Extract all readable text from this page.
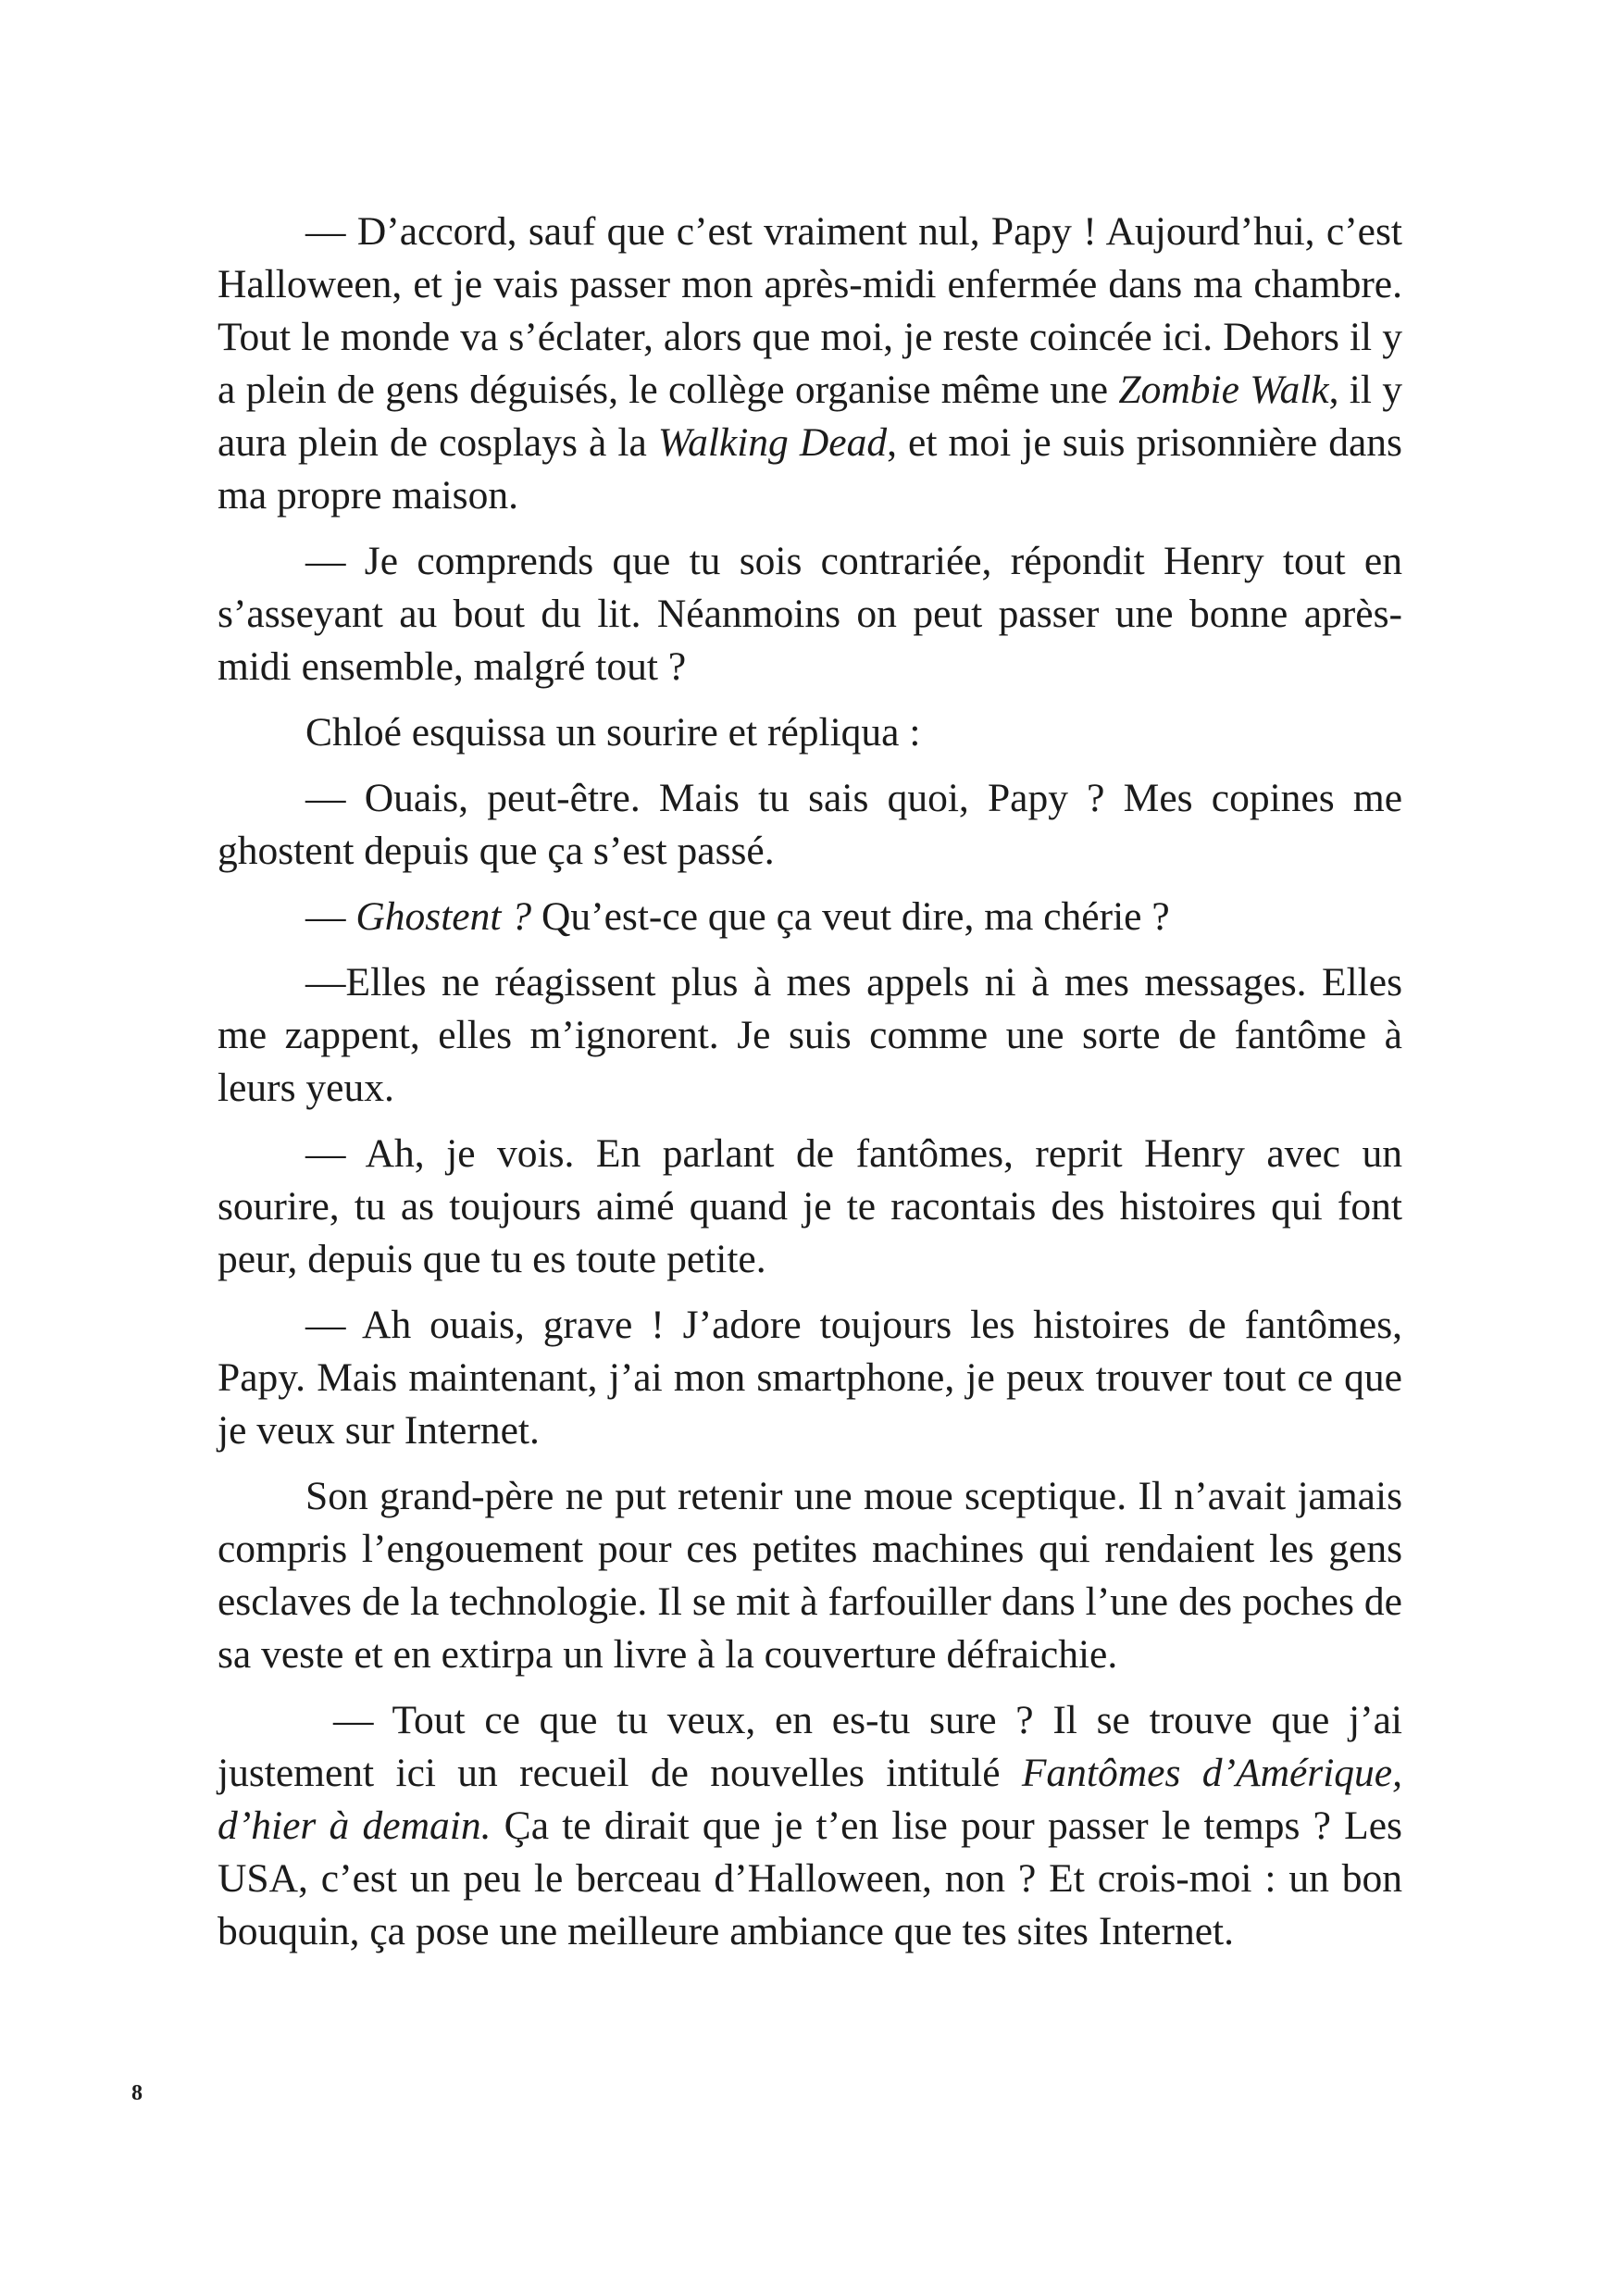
— D’accord, sauf que c’est vraiment nul, Papy ! Aujourd’hui, c’est Halloween, et je vais passer mon après-midi enfermée dans ma chambre. Tout le monde va s’éclater, alors que moi, je reste coincée ici. Dehors il y a plein de gens déguisés, le collège organise même une Zombie Walk, il y aura plein de cosplays à la Walking Dead, et moi je suis prisonnière dans ma propre maison.

— Je comprends que tu sois contrariée, répondit Henry tout en s’asseyant au bout du lit. Néanmoins on peut passer une bonne après-midi ensemble, malgré tout ?

Chloé esquissa un sourire et répliqua :

— Ouais, peut-être. Mais tu sais quoi, Papy ? Mes copines me ghostent depuis que ça s’est passé.

— Ghostent ? Qu’est-ce que ça veut dire, ma chérie ?

—Elles ne réagissent plus à mes appels ni à mes messages. Elles me zappent, elles m’ignorent. Je suis comme une sorte de fantôme à leurs yeux.

— Ah, je vois. En parlant de fantômes, reprit Henry avec un sourire, tu as toujours aimé quand je te racontais des histoires qui font peur, depuis que tu es toute petite.

— Ah ouais, grave ! J’adore toujours les histoires de fantômes, Papy. Mais maintenant, j’ai mon smartphone, je peux trouver tout ce que je veux sur Internet.

Son grand-père ne put retenir une moue sceptique. Il n’avait jamais compris l’engouement pour ces petites machines qui rendaient les gens esclaves de la technologie. Il se mit à farfouiller dans l’une des poches de sa veste et en extirpa un livre à la couverture défraichie.

— Tout ce que tu veux, en es-tu sure ? Il se trouve que j’ai justement ici un recueil de nouvelles intitulé Fantômes d’Amérique, d’hier à demain. Ça te dirait que je t’en lise pour passer le temps ? Les USA, c’est un peu le berceau d’Halloween, non ? Et crois-moi : un bon bouquin, ça pose une meilleure ambiance que tes sites Internet.

8
